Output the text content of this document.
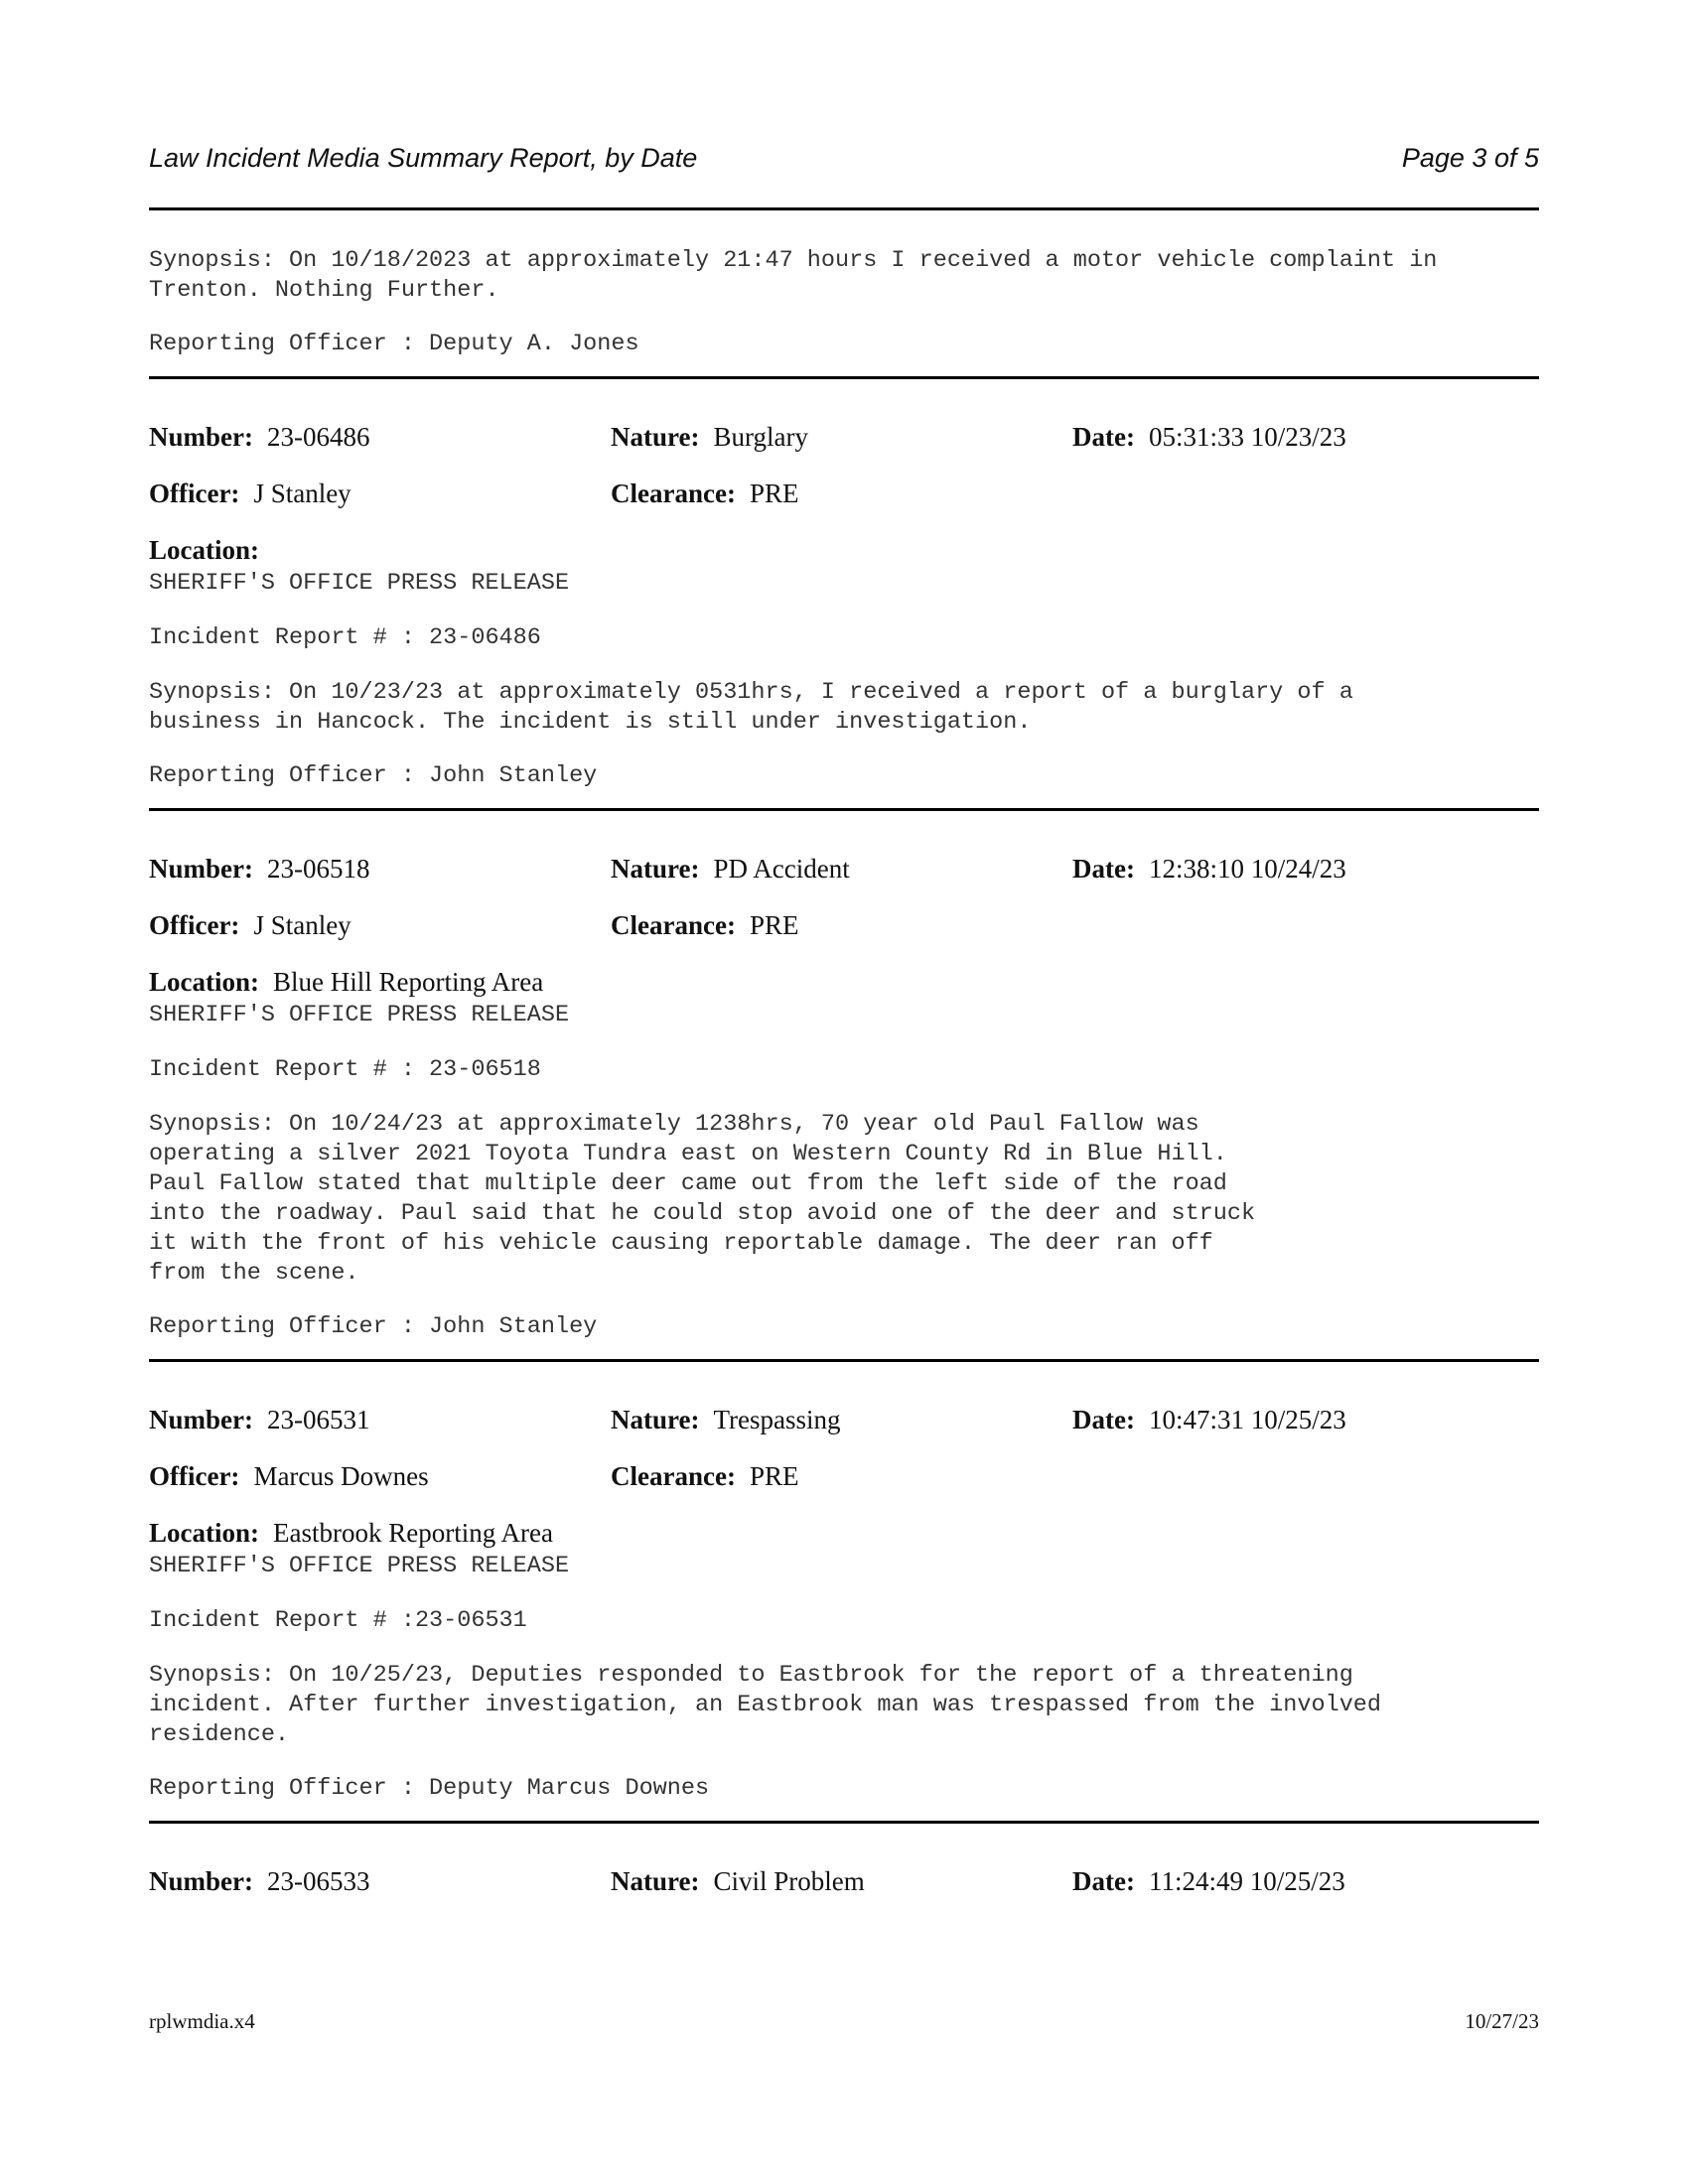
Law Incident Media Summary Report, by Date	Page 3 of 5
Synopsis: On 10/18/2023 at approximately 21:47 hours I received a motor vehicle complaint in
Trenton. Nothing Further.
Reporting Officer : Deputy A. Jones
Number: 23-06486	Nature: Burglary	Date: 05:31:33 10/23/23
Officer: J Stanley	Clearance: PRE
Location:
SHERIFF'S OFFICE PRESS RELEASE
Incident Report # : 23-06486
Synopsis: On 10/23/23 at approximately 0531hrs, I received a report of a burglary of a
business in Hancock. The incident is still under investigation.
Reporting Officer : John Stanley
Number: 23-06518	Nature: PD Accident	Date: 12:38:10 10/24/23
Officer: J Stanley	Clearance: PRE
Location: Blue Hill Reporting Area
SHERIFF'S OFFICE PRESS RELEASE
Incident Report # : 23-06518
Synopsis: On 10/24/23 at approximately 1238hrs, 70 year old Paul Fallow was
operating a silver 2021 Toyota Tundra east on Western County Rd in Blue Hill.
Paul Fallow stated that multiple deer came out from the left side of the road
into the roadway. Paul said that he could stop avoid one of the deer and struck
it with the front of his vehicle causing reportable damage. The deer ran off
from the scene.
Reporting Officer : John Stanley
Number: 23-06531	Nature: Trespassing	Date: 10:47:31 10/25/23
Officer: Marcus Downes	Clearance: PRE
Location: Eastbrook Reporting Area
SHERIFF'S OFFICE PRESS RELEASE
Incident Report # :23-06531
Synopsis: On 10/25/23, Deputies responded to Eastbrook for the report of a threatening
incident. After further investigation, an Eastbrook man was trespassed from the involved
residence.
Reporting Officer : Deputy Marcus Downes
Number: 23-06533	Nature: Civil Problem	Date: 11:24:49 10/25/23
rplwmdia.x4	10/27/23
